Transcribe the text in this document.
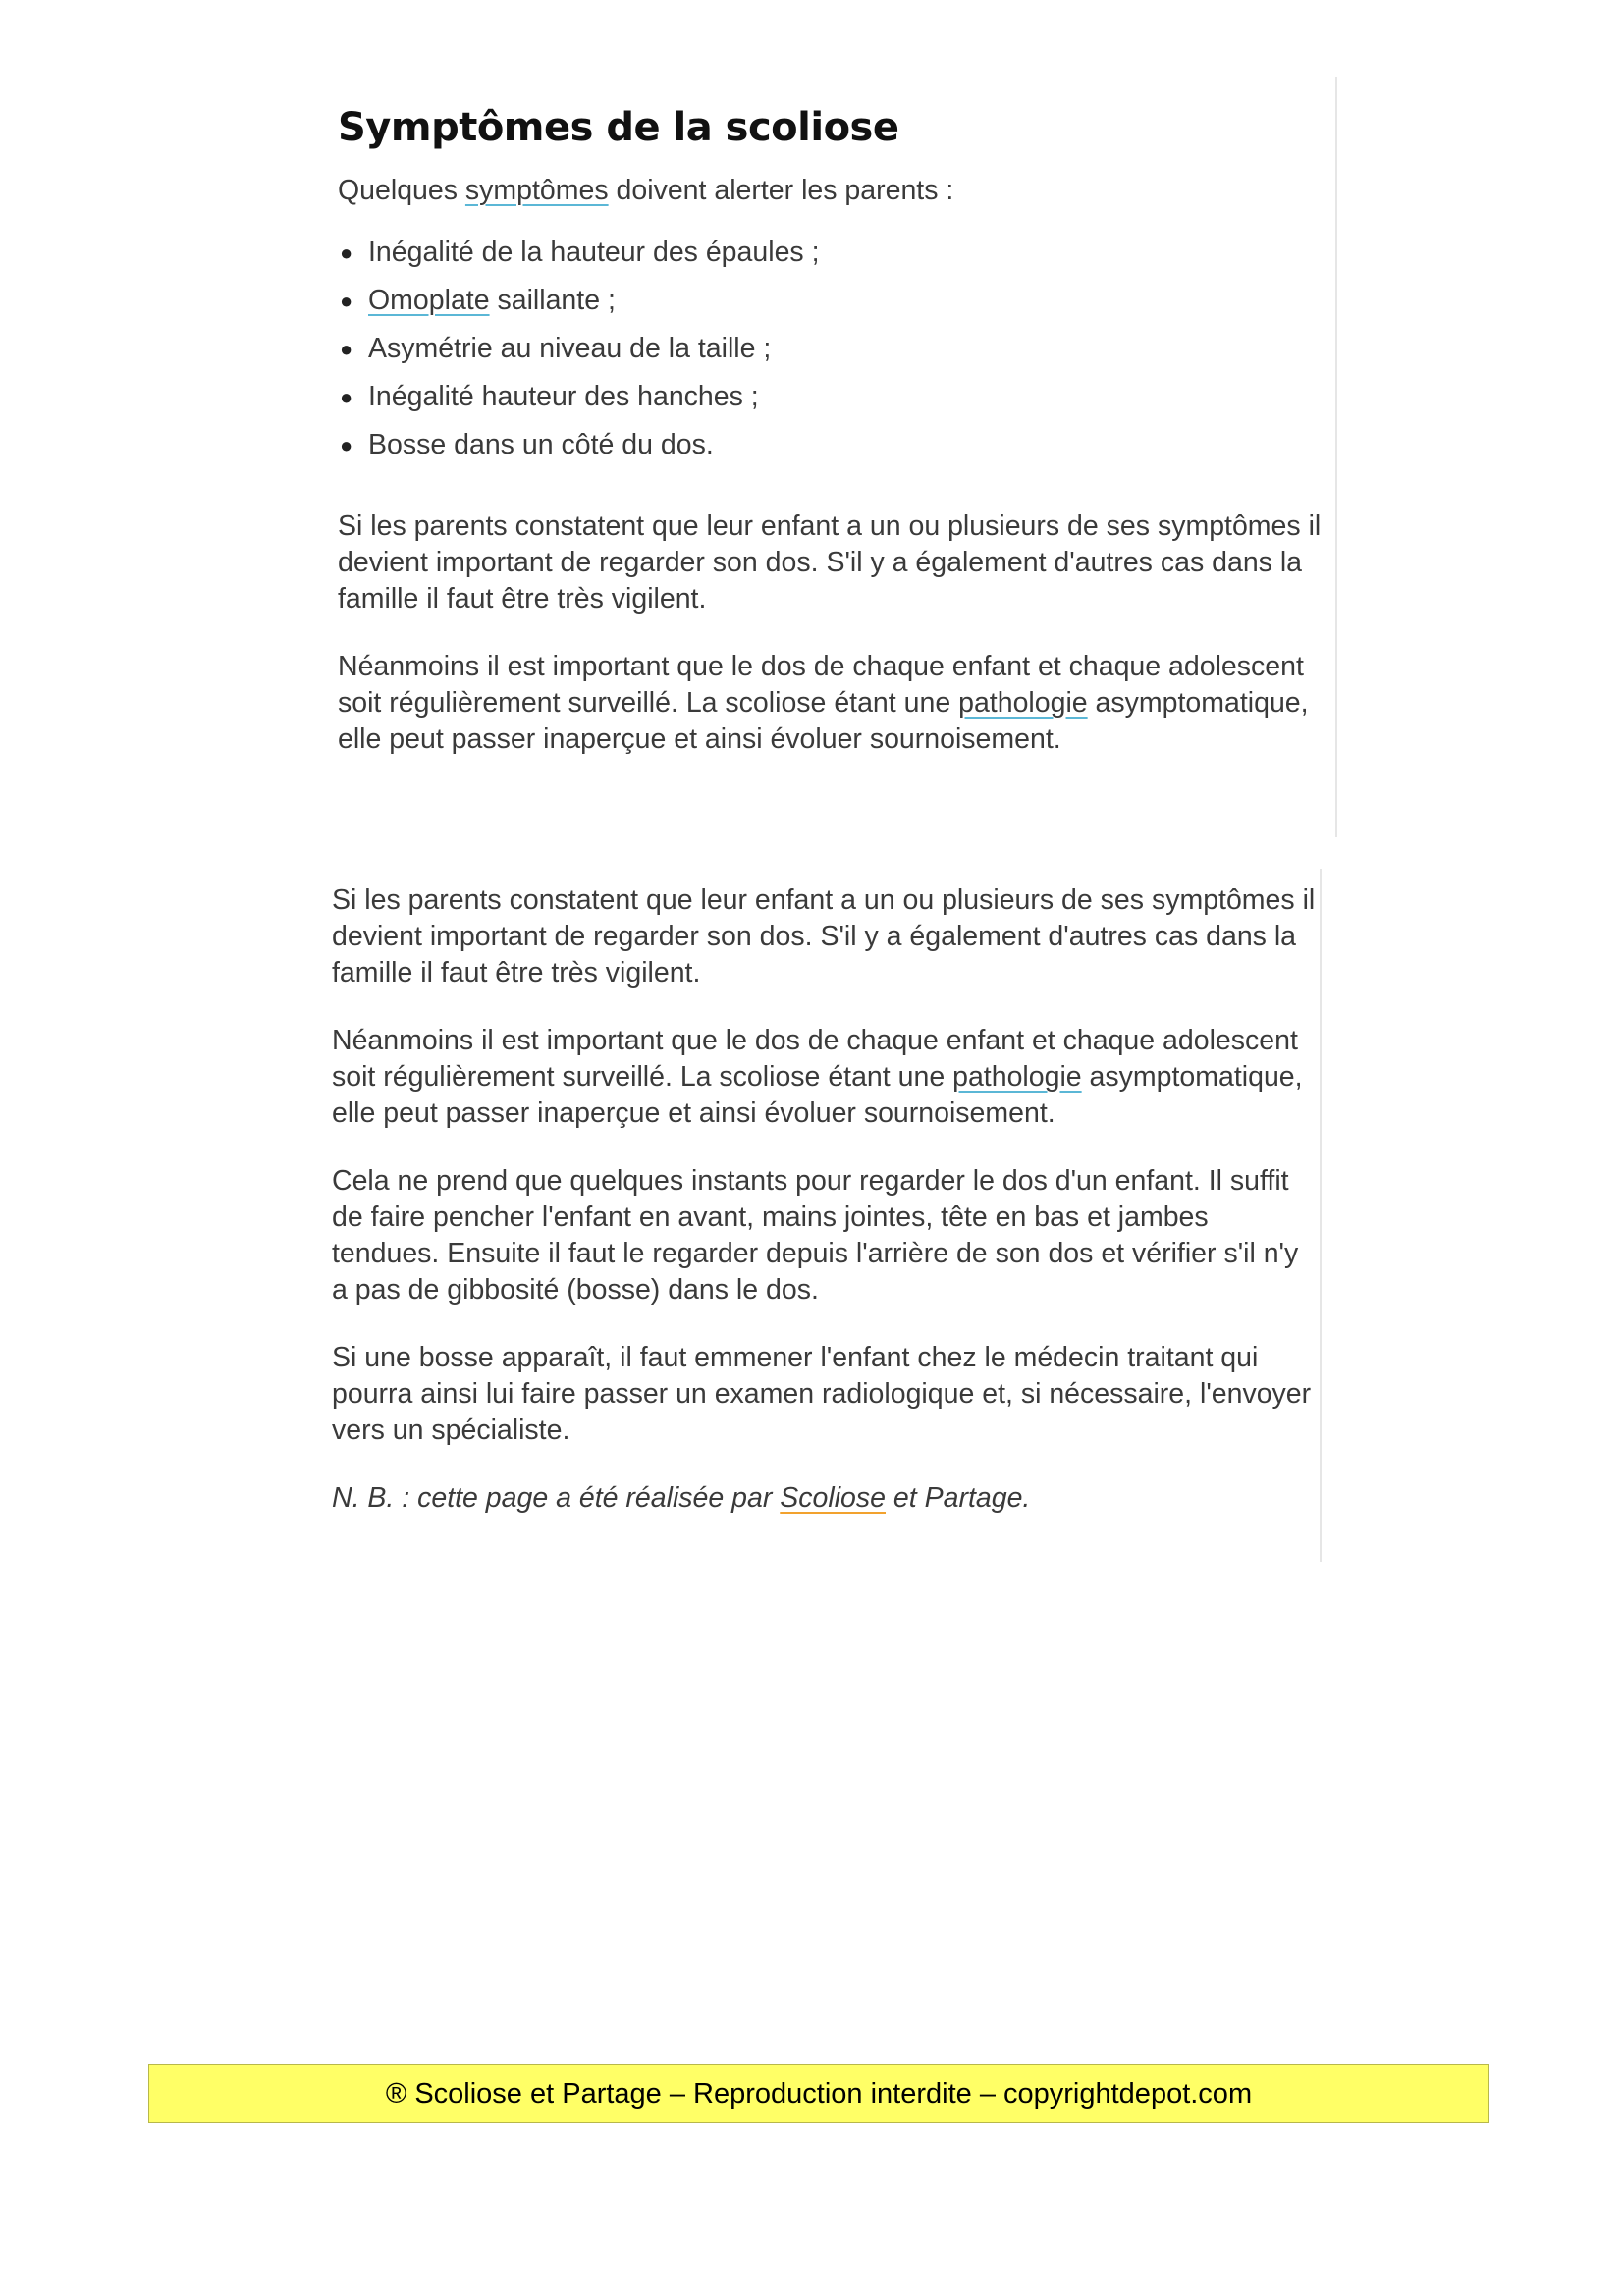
Symptômes de la scoliose

Quelques symptômes doivent alerter les parents :

● Inégalité de la hauteur des épaules ;
● Omoplate saillante ;
● Asymétrie au niveau de la taille ;
● Inégalité hauteur des hanches ;
● Bosse dans un côté du dos.

Si les parents constatent que leur enfant a un ou plusieurs de ses symptômes il devient important de regarder son dos. S'il y a également d'autres cas dans la famille il faut être très vigilent.

Néanmoins il est important que le dos de chaque enfant et chaque adolescent soit régulièrement surveillé. La scoliose étant une pathologie asymptomatique, elle peut passer inaperçue et ainsi évoluer sournoisement.

Si les parents constatent que leur enfant a un ou plusieurs de ses symptômes il devient important de regarder son dos. S'il y a également d'autres cas dans la famille il faut être très vigilent.

Néanmoins il est important que le dos de chaque enfant et chaque adolescent soit régulièrement surveillé. La scoliose étant une pathologie asymptomatique, elle peut passer inaperçue et ainsi évoluer sournoisement.

Cela ne prend que quelques instants pour regarder le dos d'un enfant. Il suffit de faire pencher l'enfant en avant, mains jointes, tête en bas et jambes tendues. Ensuite il faut le regarder depuis l'arrière de son dos et vérifier s'il n'y a pas de gibbosité (bosse) dans le dos.

Si une bosse apparaît, il faut emmener l'enfant chez le médecin traitant qui pourra ainsi lui faire passer un examen radiologique et, si nécessaire, l'envoyer vers un spécialiste.

N. B. : cette page a été réalisée par Scoliose et Partage.

® Scoliose et Partage – Reproduction interdite – copyrightdepot.com
